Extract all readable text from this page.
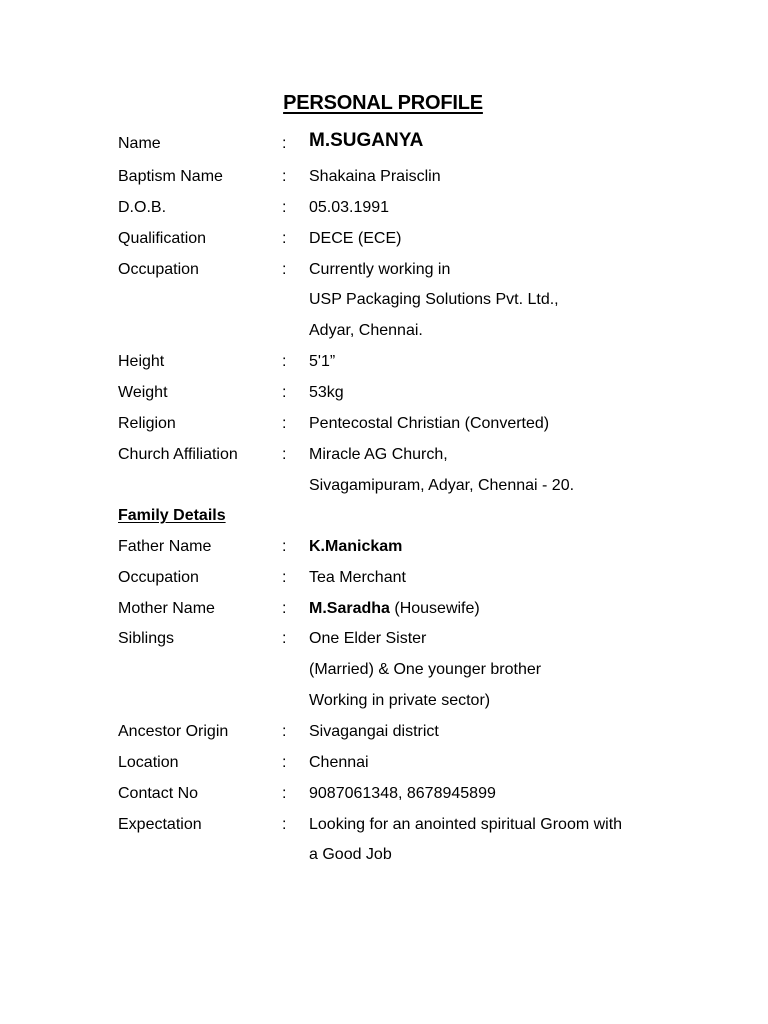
PERSONAL PROFILE
Name	: M.SUGANYA
Baptism Name	: Shakaina Praisclin
D.O.B.	: 05.03.1991
Qualification	: DECE (ECE)
Occupation	: Currently working in
USP Packaging Solutions Pvt. Ltd.,
Adyar, Chennai.
Height	: 5'1”
Weight	: 53kg
Religion	: Pentecostal Christian (Converted)
Church Affiliation	: Miracle AG Church,
Sivagamipuram, Adyar, Chennai - 20.
Family Details
Father Name	: K.Manickam
Occupation	: Tea Merchant
Mother Name	: M.Saradha (Housewife)
Siblings	: One Elder Sister
(Married) & One younger brother
Working in private sector)
Ancestor Origin	: Sivagangai district
Location	: Chennai
Contact No	: 9087061348, 8678945899
Expectation	: Looking for an anointed spiritual Groom with
a Good Job
